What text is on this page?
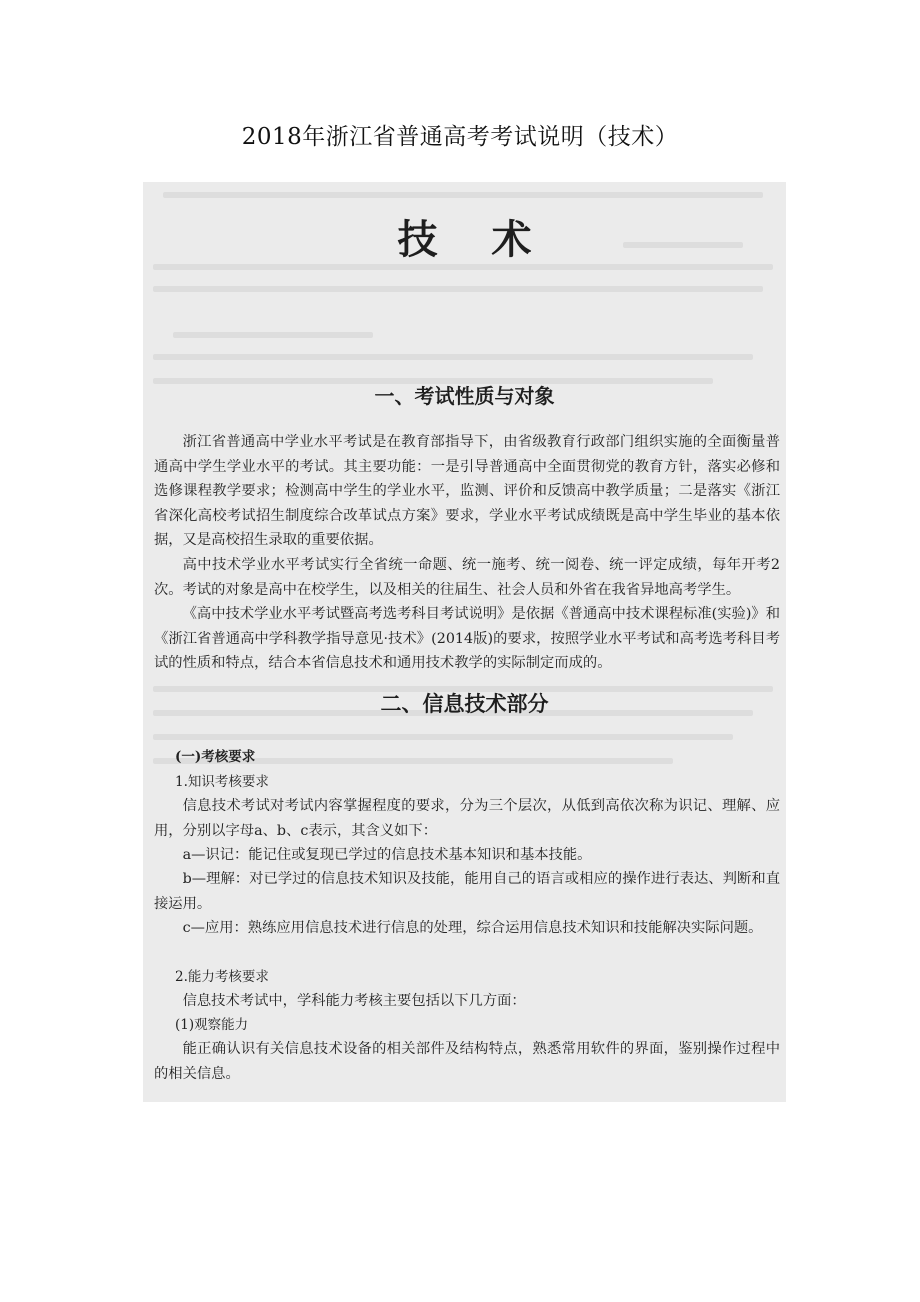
2018年浙江省普通高考考试说明（技术）
技术
一、考试性质与对象

浙江省普通高中学业水平考试是在教育部指导下，由省级教育行政部门组织实施的全面衡量普通高中学生学业水平的考试。其主要功能：一是引导普通高中全面贯彻党的教育方针，落实必修和选修课程教学要求；检测高中学生的学业水平，监测、评价和反馈高中教学质量；二是落实《浙江省深化高校考试招生制度综合改革试点方案》要求，学业水平考试成绩既是高中学生毕业的基本依据，又是高校招生录取的重要依据。

高中技术学业水平考试实行全省统一命题、统一施考、统一阅卷、统一评定成绩，每年开考2次。考试的对象是高中在校学生，以及相关的往届生、社会人员和外省在我省异地高考学生。

《高中技术学业水平考试暨高考选考科目考试说明》是依据《普通高中技术课程标准(实验)》和《浙江省普通高中学科教学指导意见·技术》(2014版)的要求，按照学业水平考试和高考选考科目考试的性质和特点，结合本省信息技术和通用技术教学的实际制定而成的。

二、信息技术部分

(一)考核要求

1.知识考核要求

信息技术考试对考试内容掌握程度的要求，分为三个层次，从低到高依次称为识记、理解、应用，分别以字母a、b、c表示，其含义如下：

a—识记：能记住或复现已学过的信息技术基本知识和基本技能。

b—理解：对已学过的信息技术知识及技能，能用自己的语言或相应的操作进行表达、判断和直接运用。

c—应用：熟练应用信息技术进行信息的处理，综合运用信息技术知识和技能解决实际问题。

2.能力考核要求

信息技术考试中，学科能力考核主要包括以下几方面：

(1)观察能力

能正确认识有关信息技术设备的相关部件及结构特点，熟悉常用软件的界面，鉴别操作过程中的相关信息。
